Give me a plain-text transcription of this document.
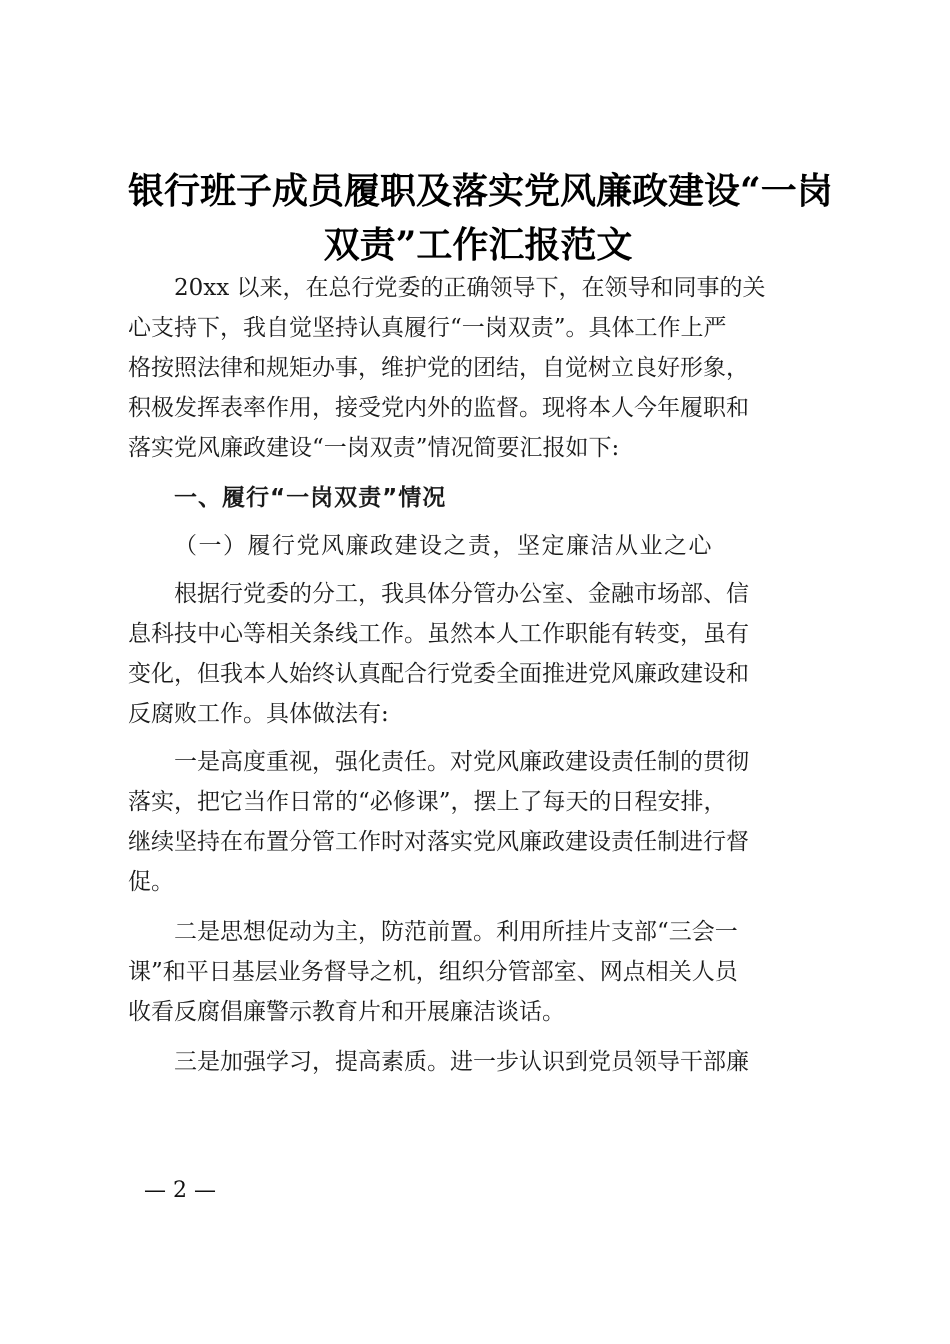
银行班子成员履职及落实党风廉政建设“一岗
双责”工作汇报范文
20xx 以来，在总行党委的正确领导下，在领导和同事的关
心支持下，我自觉坚持认真履行“一岗双责”。具体工作上严
格按照法律和规矩办事，维护党的团结，自觉树立良好形象，
积极发挥表率作用，接受党内外的监督。现将本人今年履职和
落实党风廉政建设“一岗双责”情况简要汇报如下:
一、履行“一岗双责”情况
（一）履行党风廉政建设之责，坚定廉洁从业之心
根据行党委的分工，我具体分管办公室、金融市场部、信
息科技中心等相关条线工作。虽然本人工作职能有转变，虽有
变化，但我本人始终认真配合行党委全面推进党风廉政建设和
反腐败工作。具体做法有:
一是高度重视，强化责任。对党风廉政建设责任制的贯彻
落实，把它当作日常的“必修课”，摆上了每天的日程安排，
继续坚持在布置分管工作时对落实党风廉政建设责任制进行督
促。
二是思想促动为主，防范前置。利用所挂片支部“三会一
课”和平日基层业务督导之机，组织分管部室、网点相关人员
收看反腐倡廉警示教育片和开展廉洁谈话。
三是加强学习，提高素质。进一步认识到党员领导干部廉
— 2 —
